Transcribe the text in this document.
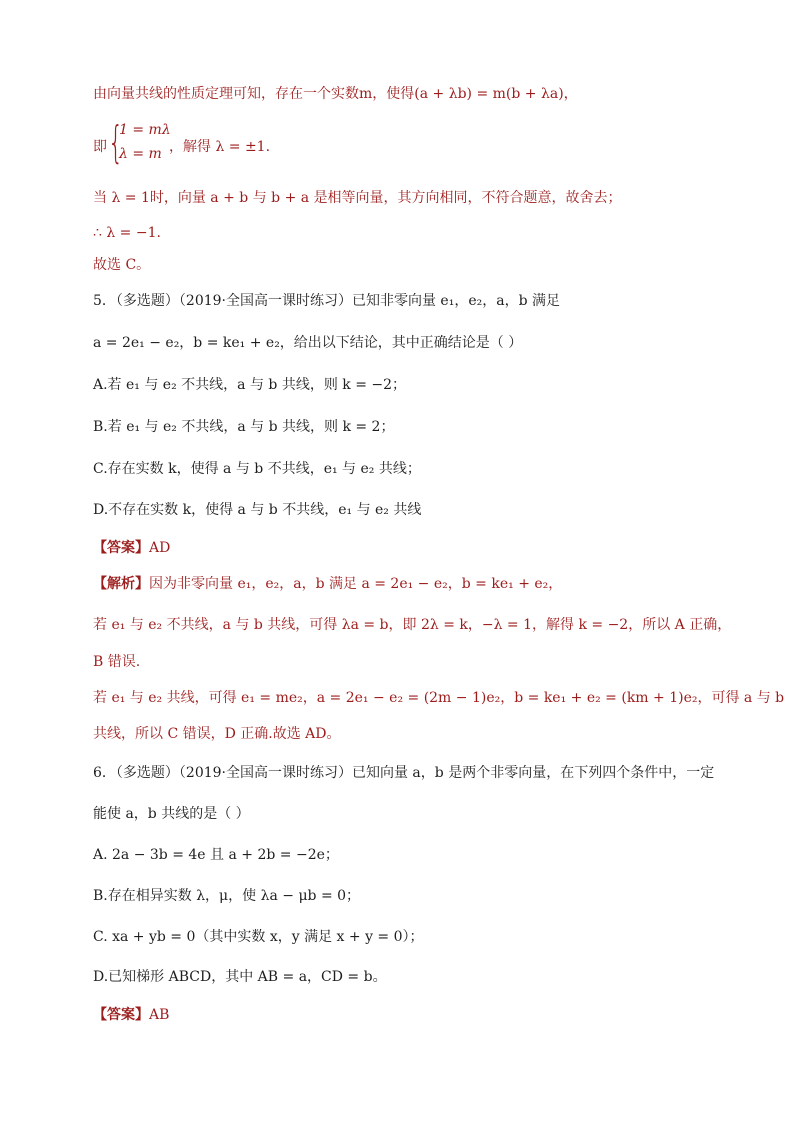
由向量共线的性质定理可知，存在一个实数m，使得(a + λb) = m(b + λa)，
即 {
1 = mλ
λ = m ，解得 λ = ±1.
当 λ = 1时，向量 a + b 与 b + a 是相等向量，其方向相同，不符合题意，故舍去；
∴ λ = −1.
故选 C。
5．（多选题）（2019·全国高一课时练习）已知非零向量 e₁，e₂，a，b 满足
a = 2e₁ − e₂，b = ke₁ + e₂，给出以下结论，其中正确结论是（ ）
A.若 e₁ 与 e₂ 不共线，a 与 b 共线，则 k = −2；
B.若 e₁ 与 e₂ 不共线，a 与 b 共线，则 k = 2；
C.存在实数 k，使得 a 与 b 不共线，e₁ 与 e₂ 共线；
D.不存在实数 k，使得 a 与 b 不共线，e₁ 与 e₂ 共线
【答案】AD
【解析】因为非零向量 e₁，e₂，a，b 满足 a = 2e₁ − e₂，b = ke₁ + e₂，
若 e₁ 与 e₂ 不共线，a 与 b 共线，可得 λa = b，即 2λ = k，−λ = 1，解得 k = −2，所以 A 正确，
B 错误.
若 e₁ 与 e₂ 共线，可得 e₁ = me₂，a = 2e₁ − e₂ = (2m − 1)e₂，b = ke₁ + e₂ = (km + 1)e₂，可得 a 与 b
共线，所以 C 错误，D 正确.故选 AD。
6．（多选题）（2019·全国高一课时练习）已知向量 a，b 是两个非零向量，在下列四个条件中，一定
能使 a，b 共线的是（ ）
A. 2a − 3b = 4e 且 a + 2b = −2e；
B.存在相异实数 λ，μ，使 λa − μb = 0；
C. xa + yb = 0（其中实数 x，y 满足 x + y = 0）；
D.已知梯形 ABCD，其中 AB = a，CD = b。
【答案】AB
